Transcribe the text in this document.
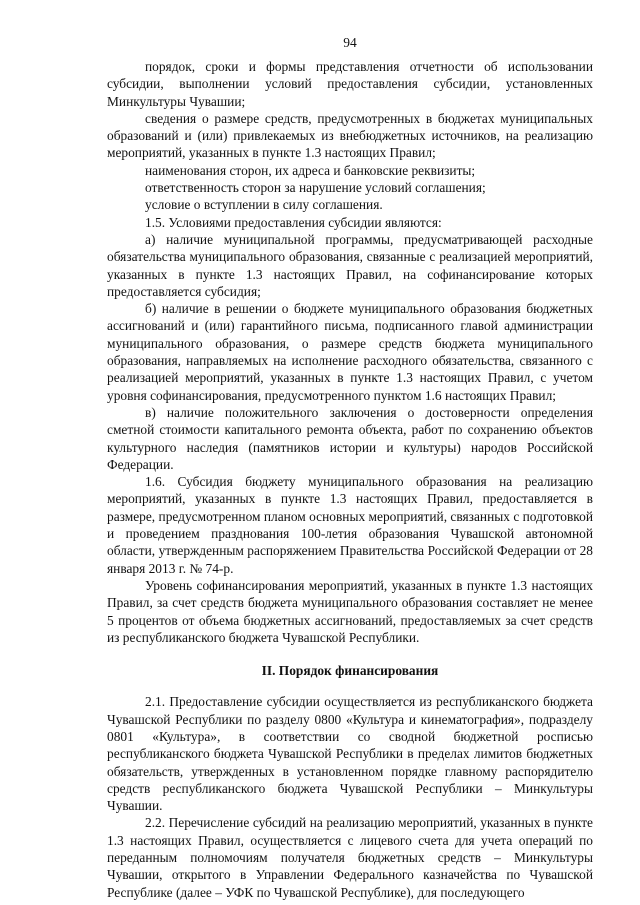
94

порядок, сроки и формы представления отчетности об использовании субсидии, выполнении условий предоставления субсидии, установленных Минкультуры Чувашии;

сведения о размере средств, предусмотренных в бюджетах муниципальных образований и (или) привлекаемых из внебюджетных источников, на реализацию мероприятий, указанных в пункте 1.3 настоящих Правил;

наименования сторон, их адреса и банковские реквизиты;

ответственность сторон за нарушение условий соглашения;

условие о вступлении в силу соглашения.

1.5. Условиями предоставления субсидии являются:

а) наличие муниципальной программы, предусматривающей расходные обязательства муниципального образования, связанные с реализацией мероприятий, указанных в пункте 1.3 настоящих Правил, на софинансирование которых предоставляется субсидия;

б) наличие в решении о бюджете муниципального образования бюджетных ассигнований и (или) гарантийного письма, подписанного главой администрации муниципального образования, о размере средств бюджета муниципального образования, направляемых на исполнение расходного обязательства, связанного с реализацией мероприятий, указанных в пункте 1.3 настоящих Правил, с учетом уровня софинансирования, предусмотренного пунктом 1.6 настоящих Правил;

в) наличие положительного заключения о достоверности определения сметной стоимости капитального ремонта объекта, работ по сохранению объектов культурного наследия (памятников истории и культуры) народов Российской Федерации.

1.6. Субсидия бюджету муниципального образования на реализацию мероприятий, указанных в пункте 1.3 настоящих Правил, предоставляется в размере, предусмотренном планом основных мероприятий, связанных с подготовкой и проведением празднования 100-летия образования Чувашской автономной области, утвержденным распоряжением Правительства Российской Федерации от 28 января 2013 г. № 74-р.

Уровень софинансирования мероприятий, указанных в пункте 1.3 настоящих Правил, за счет средств бюджета муниципального образования составляет не менее 5 процентов от объема бюджетных ассигнований, предоставляемых за счет средств из республиканского бюджета Чувашской Республики.

II. Порядок финансирования

2.1. Предоставление субсидии осуществляется из республиканского бюджета Чувашской Республики по разделу 0800 «Культура и кинематография», подразделу 0801 «Культура», в соответствии со сводной бюджетной росписью республиканского бюджета Чувашской Республики в пределах лимитов бюджетных обязательств, утвержденных в установленном порядке главному распорядителю средств республиканского бюджета Чувашской Республики – Минкультуры Чувашии.

2.2. Перечисление субсидий на реализацию мероприятий, указанных в пункте 1.3 настоящих Правил, осуществляется с лицевого счета для учета операций по переданным полномочиям получателя бюджетных средств – Минкультуры Чувашии, открытого в Управлении Федерального казначейства по Чувашской Республике (далее – УФК по Чувашской Республике), для последующего
